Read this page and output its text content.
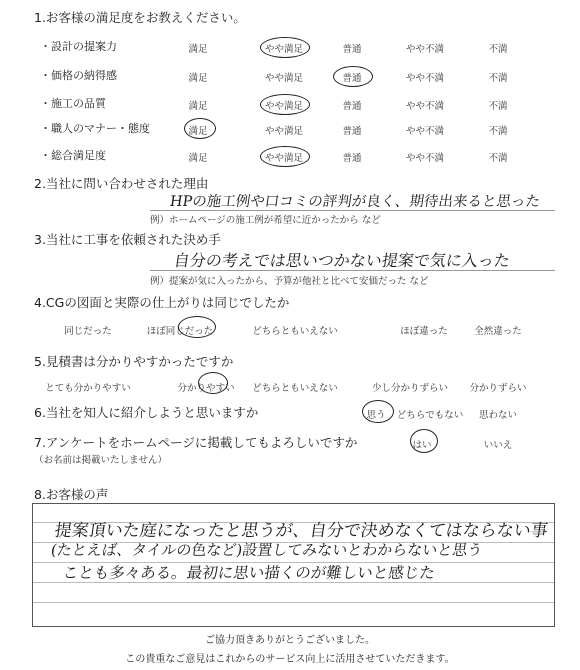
1.お客様の満足度をお教えください。
・設計の提案力	満足	やや満足	普通	やや不満	不満
・価格の納得感	満足	やや満足	普通	やや不満	不満
・施工の品質	満足	やや満足	普通	やや不満	不満
・職人のマナー・態度	満足	やや満足	普通	やや不満	不満
・総合満足度	満足	やや満足	普通	やや不満	不満
2.当社に問い合わせされた理由
HPの施工例や口コミの評判が良く、期待出来ると思った
例）ホームページの施工例が希望に近かったから など
3.当社に工事を依頼された決め手
自分の考えでは思いつかない提案で気に入った
例）提案が気に入ったから、予算が他社と比べて安価だった など
4.CGの図面と実際の仕上がりは同じでしたか
同じだった	ほぼ同じだった	どちらともいえない	ほぼ違った	全然違った
5.見積書は分かりやすかったですか
とても分かりやすい	分かりやすい	どちらともいえない	少し分かりずらい	分かりずらい
6.当社を知人に紹介しようと思いますか	思う	どちらでもない	思わない
7.アンケートをホームページに掲載してもよろしいですか
（お名前は掲載いたしません）
はい	いいえ
8.お客様の声
提案頂いた庭になったと思うが、自分で決めなくてはならない事
(たとえば、タイルの色など)設置してみないとわからないと思う
ことも多々ある。最初に思い描くのが難しいと感じた
ご協力頂きありがとうございました。
この貴重なご意見はこれからのサービス向上に活用させていただきます。
